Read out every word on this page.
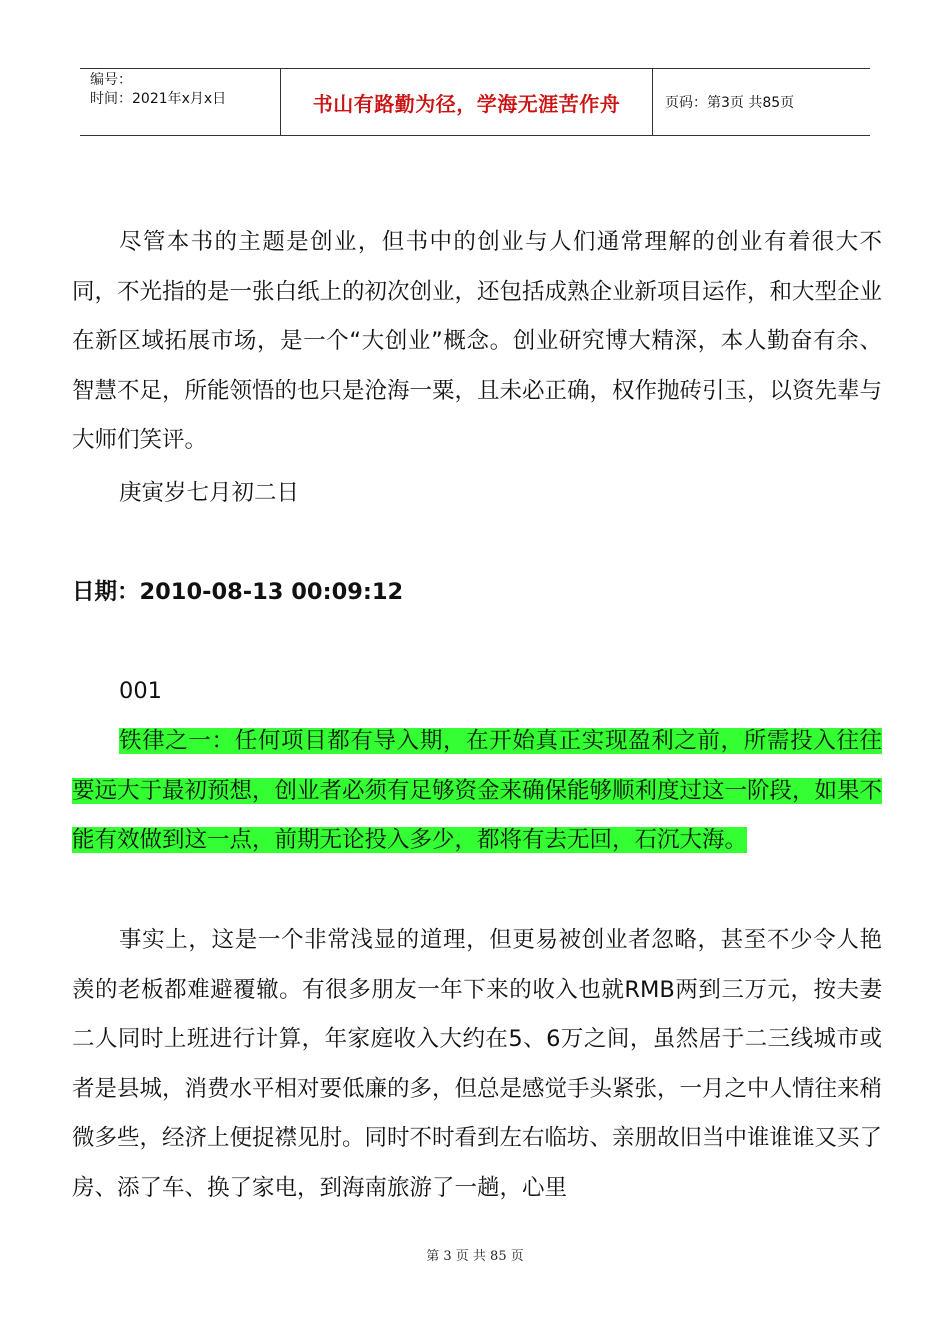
编号：
时间：2021年x月x日	书山有路勤为径，学海无涯苦作舟	页码：第3页 共85页

尽管本书的主题是创业，但书中的创业与人们通常理解的创业有着很大不同，不光指的是一张白纸上的初次创业，还包括成熟企业新项目运作，和大型企业在新区域拓展市场，是一个“大创业”概念。创业研究博大精深，本人勤奋有余、智慧不足，所能领悟的也只是沧海一粟，且未必正确，权作抛砖引玉，以资先辈与大师们笑评。

庚寅岁七月初二日

日期：2010-08-13 00:09:12

001

铁律之一：任何项目都有导入期，在开始真正实现盈利之前，所需投入往往要远大于最初预想，创业者必须有足够资金来确保能够顺利度过这一阶段，如果不能有效做到这一点，前期无论投入多少，都将有去无回，石沉大海。

事实上，这是一个非常浅显的道理，但更易被创业者忽略，甚至不少令人艳羡的老板都难避覆辙。有很多朋友一年下来的收入也就RMB两到三万元，按夫妻二人同时上班进行计算，年家庭收入大约在5、6万之间，虽然居于二三线城市或者是县城，消费水平相对要低廉的多，但总是感觉手头紧张，一月之中人情往来稍微多些，经济上便捉襟见肘。同时不时看到左右临坊、亲朋故旧当中谁谁谁又买了房、添了车、换了家电，到海南旅游了一趟，心里

第 3 页 共 85 页
